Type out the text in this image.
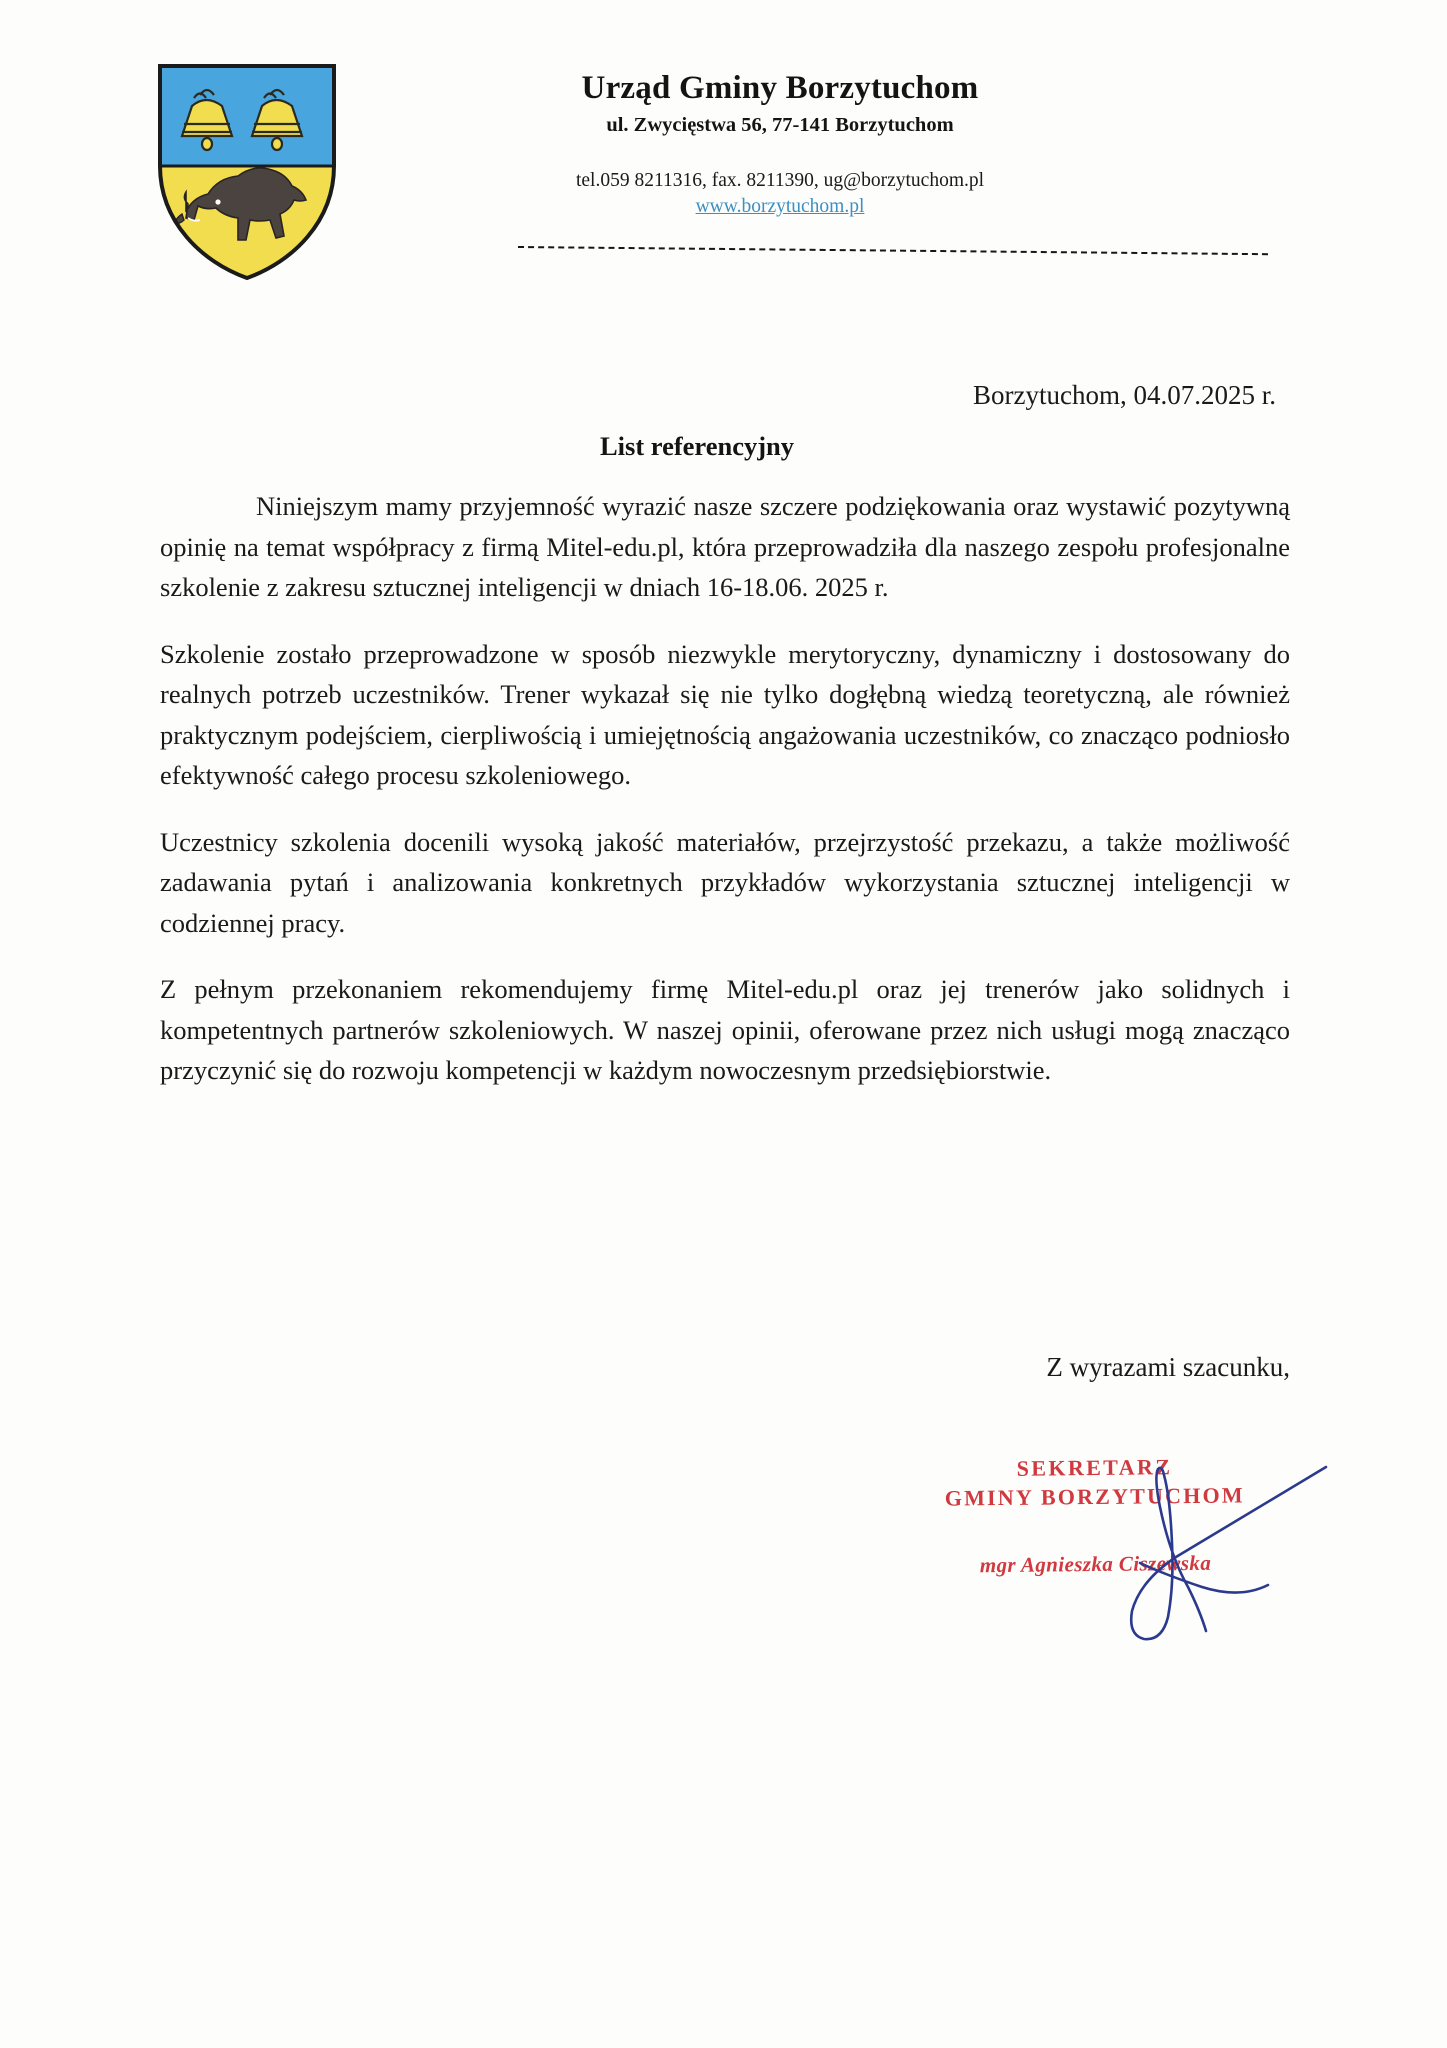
Urząd Gminy Borzytuchom
ul. Zwycięstwa 56, 77-141 Borzytuchom
tel.059 8211316, fax. 8211390, ug@borzytuchom.pl
www.borzytuchom.pl
Borzytuchom, 04.07.2025 r.
List referencyjny

Niniejszym mamy przyjemność wyrazić nasze szczere podziękowania oraz wystawić pozytywną opinię na temat współpracy z firmą Mitel-edu.pl, która przeprowadziła dla naszego zespołu profesjonalne szkolenie z zakresu sztucznej inteligencji w dniach 16-18.06. 2025 r.

Szkolenie zostało przeprowadzone w sposób niezwykle merytoryczny, dynamiczny i dostosowany do realnych potrzeb uczestników. Trener wykazał się nie tylko dogłębną wiedzą teoretyczną, ale również praktycznym podejściem, cierpliwością i umiejętnością angażowania uczestników, co znacząco podniosło efektywność całego procesu szkoleniowego.

Uczestnicy szkolenia docenili wysoką jakość materiałów, przejrzystość przekazu, a także możliwość zadawania pytań i analizowania konkretnych przykładów wykorzystania sztucznej inteligencji w codziennej pracy.

Z pełnym przekonaniem rekomendujemy firmę Mitel-edu.pl oraz jej trenerów jako solidnych i kompetentnych partnerów szkoleniowych. W naszej opinii, oferowane przez nich usługi mogą znacząco przyczynić się do rozwoju kompetencji w każdym nowoczesnym przedsiębiorstwie.

Z wyrazami szacunku,
SEKRETARZ
GMINY BORZYTUCHOM
mgr Agnieszka Ciszewska
